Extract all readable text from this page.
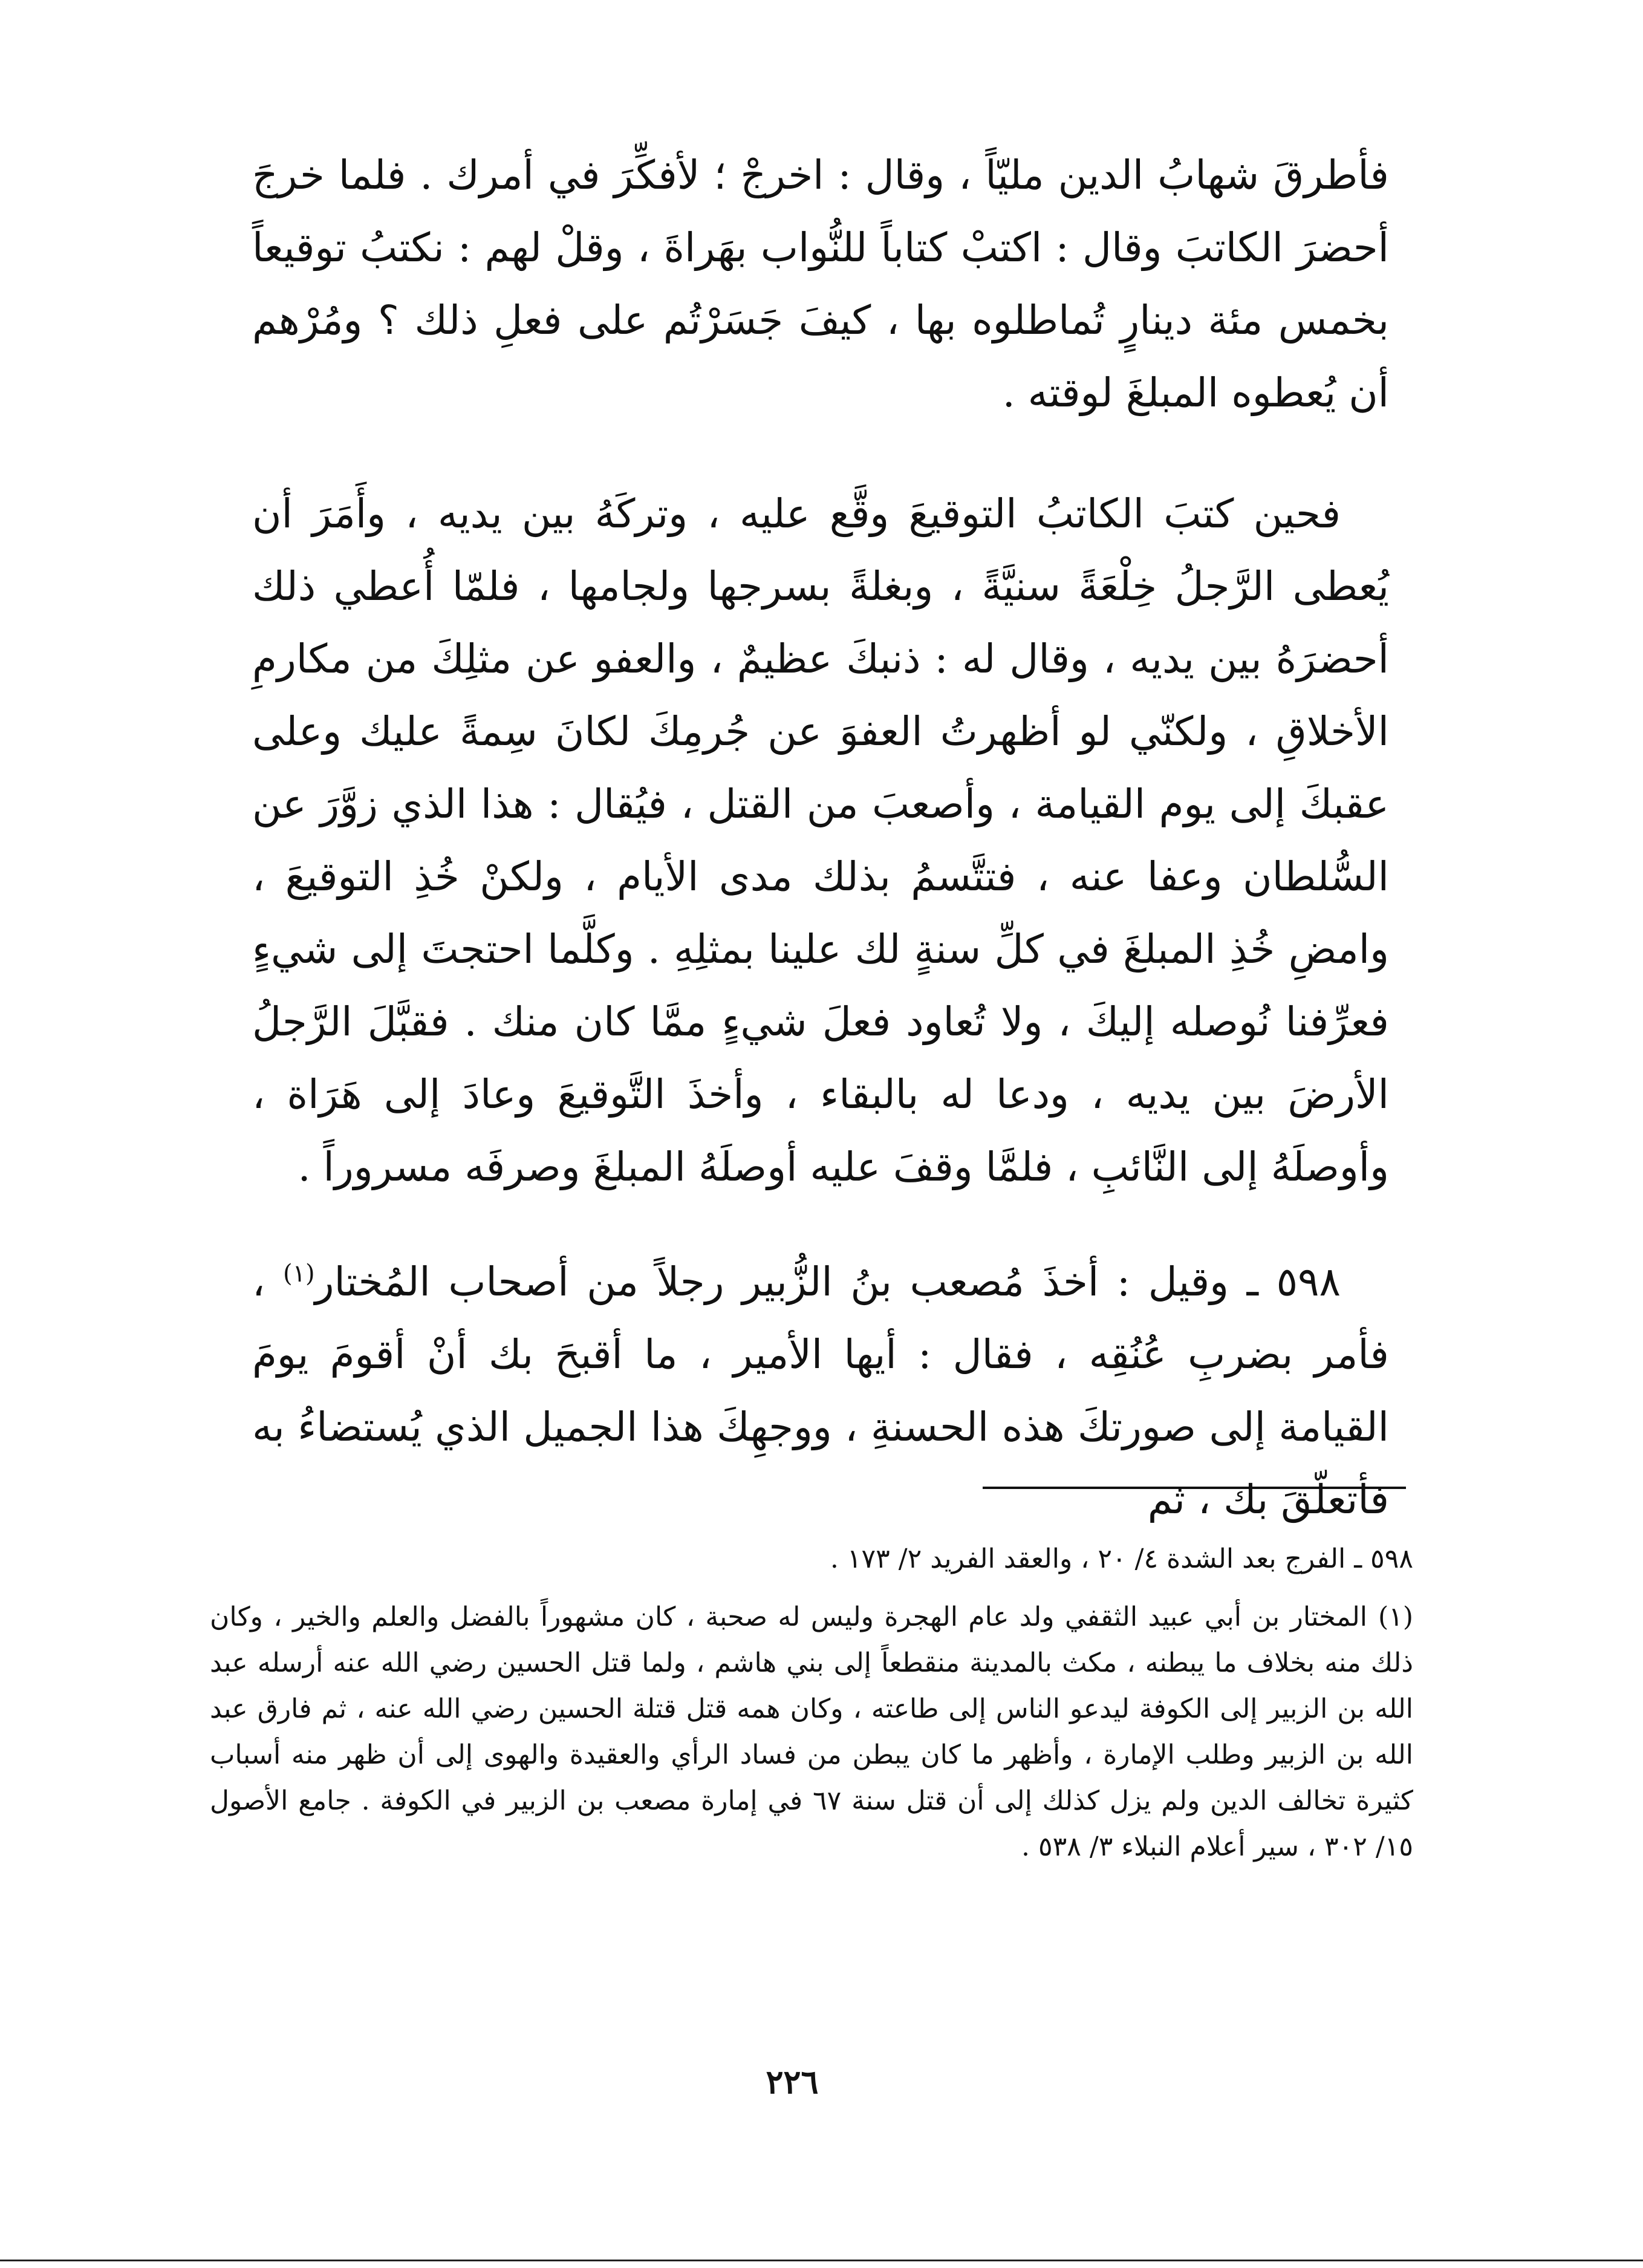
فأطرقَ شهابُ الدين مليّاً ، وقال : اخرجْ ؛ لأفكِّرَ في أمرك . فلما خرجَ أحضرَ الكاتبَ وقال : اكتبْ كتاباً للنُّواب بهَراةَ ، وقلْ لهم : نكتبُ توقيعاً بخمس مئة دينارٍ تُماطلوه بها ، كيفَ جَسَرْتُم على فعلِ ذلك ؟ ومُرْهم أن يُعطوه المبلغَ لوقته .

فحين كتبَ الكاتبُ التوقيعَ وقَّع عليه ، وتركَهُ بين يديه ، وأَمَرَ أن يُعطى الرَّجلُ خِلْعَةً سنيَّةً ، وبغلةً بسرجها ولجامها ، فلمّا أُعطي ذلك أحضرَهُ بين يديه ، وقال له : ذنبكَ عظيمٌ ، والعفو عن مثلِكَ من مكارمِ الأخلاقِ ، ولكنّي لو أظهرتُ العفوَ عن جُرمِكَ لكانَ سِمةً عليك وعلى عقبكَ إلى يوم القيامة ، وأصعبَ من القتل ، فيُقال : هذا الذي زوَّرَ عن السُّلطان وعفا عنه ، فتتَّسمُ بذلك مدى الأيام ، ولكنْ خُذِ التوقيعَ ، وامضِ خُذِ المبلغَ في كلِّ سنةٍ لك علينا بمثلِهِ . وكلَّما احتجتَ إلى شيءٍ فعرِّفنا نُوصله إليكَ ، ولا تُعاود فعلَ شيءٍ ممَّا كان منك . فقبَّلَ الرَّجلُ الأرضَ بين يديه ، ودعا له بالبقاء ، وأخذَ التَّوقيعَ وعادَ إلى هَرَاة ، وأوصلَهُ إلى النَّائبِ ، فلمَّا وقفَ عليه أوصلَهُ المبلغَ وصرفَه مسروراً .

٥٩٨ ـ وقيل : أخذَ مُصعب بنُ الزُّبير رجلاً من أصحاب المُختار$^{(١)}$ ، فأمر بضربِ عُنُقِه ، فقال : أيها الأمير ، ما أقبحَ بك أنْ أقومَ يومَ القيامة إلى صورتكَ هذه الحسنةِ ، ووجهِكَ هذا الجميل الذي يُستضاءُ به فأتعلّقَ بك ، ثم

٥٩٨ ـ الفرج بعد الشدة ٤/ ٢٠ ، والعقد الفريد ٢/ ١٧٣ .

(١)المختار بن أبي عبيد الثقفي ولد عام الهجرة وليس له صحبة ، كان مشهوراً بالفضل والعلم والخير ، وكان ذلك منه بخلاف ما يبطنه ، مكث بالمدينة منقطعاً إلى بني هاشم ، ولما قتل الحسين رضي الله عنه أرسله عبد الله بن الزبير إلى الكوفة ليدعو الناس إلى طاعته ، وكان همه قتل قتلة الحسين رضي الله عنه ، ثم فارق عبد الله بن الزبير وطلب الإمارة ، وأظهر ما كان يبطن من فساد الرأي والعقيدة والهوى إلى أن ظهر منه أسباب كثيرة تخالف الدين ولم يزل كذلك إلى أن قتل سنة ٦٧ في إمارة مصعب بن الزبير في الكوفة . جامع الأصول ١٥/ ٣٠٢ ، سير أعلام النبلاء ٣/ ٥٣٨ .

٢٢٦
